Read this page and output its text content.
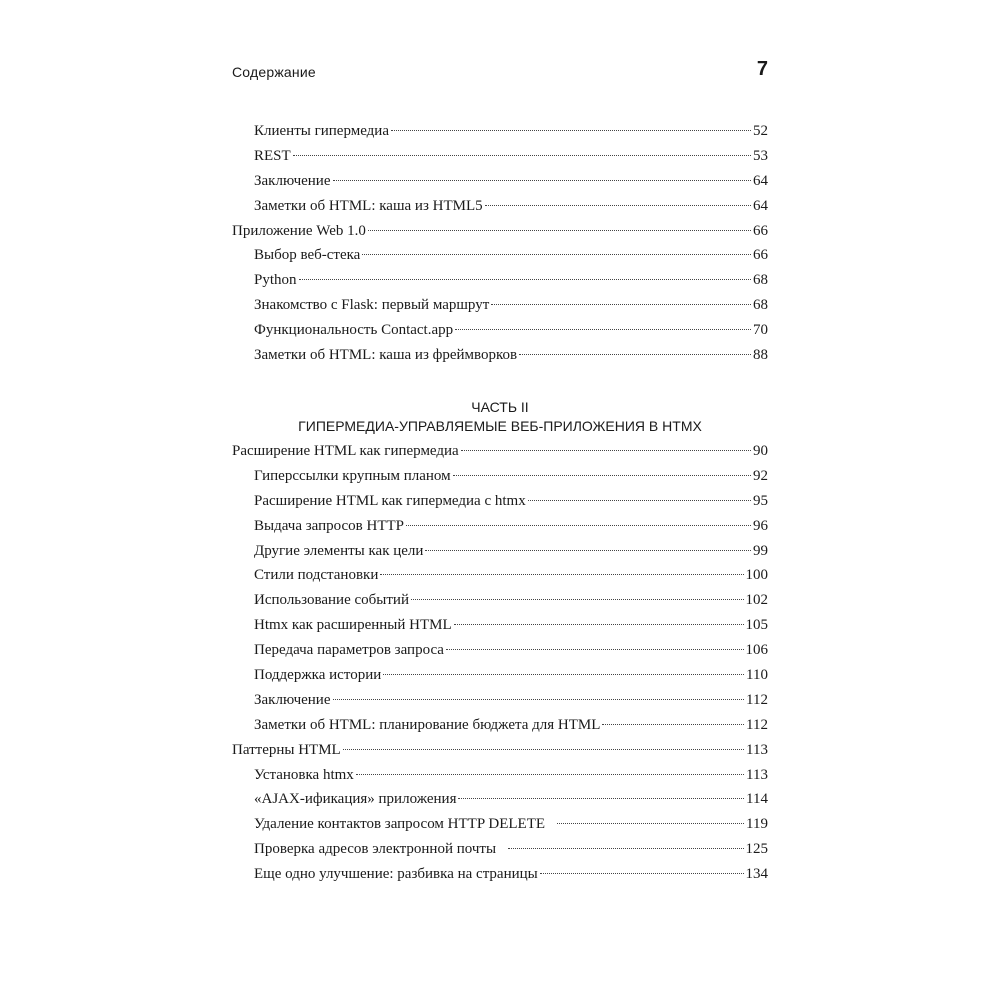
Содержание	7
Клиенты гипермедиа	52
REST	53
Заключение	64
Заметки об HTML: каша из HTML5	64
Приложение Web 1.0	66
Выбор веб-стека	66
Python	68
Знакомство с Flask: первый маршрут	68
Функциональность Contact.app	70
Заметки об HTML: каша из фреймворков	88
ЧАСТЬ II
ГИПЕРМЕДИА-УПРАВЛЯЕМЫЕ ВЕБ-ПРИЛОЖЕНИЯ В HTMX
Расширение HTML как гипермедиа	90
Гиперссылки крупным планом	92
Расширение HTML как гипермедиа с htmx	95
Выдача запросов HTTP	96
Другие элементы как цели	99
Стили подстановки	100
Использование событий	102
Htmx как расширенный HTML	105
Передача параметров запроса	106
Поддержка истории	110
Заключение	112
Заметки об HTML: планирование бюджета для HTML	112
Паттерны HTML	113
Установка htmx	113
«AJAX-ификация» приложения	114
Удаление контактов запросом HTTP DELETE	119
Проверка адресов электронной почты	125
Еще одно улучшение: разбивка на страницы	134
